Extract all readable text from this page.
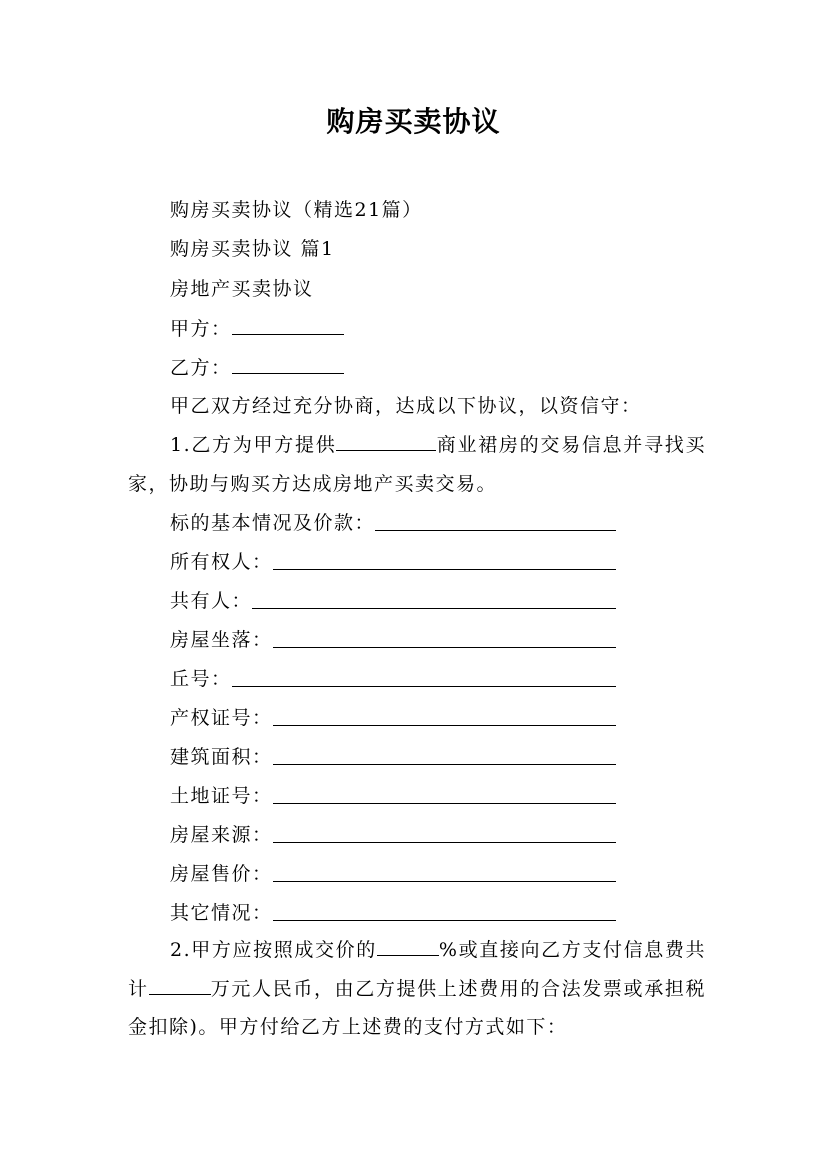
购房买卖协议
购房买卖协议（精选21篇）
购房买卖协议 篇1
房地产买卖协议
甲方：
乙方：
甲乙双方经过充分协商，达成以下协议，以资信守：
1.乙方为甲方提供	商业裙房的交易信息并寻找买家，协助与购买方达成房地产买卖交易。
标的基本情况及价款：
所有权人：
共有人：
房屋坐落：
丘号：
产权证号：
建筑面积：
土地证号：
房屋来源：
房屋售价：
其它情况：
2.甲方应按照成交价的	%或直接向乙方支付信息费共计	万元人民币，由乙方提供上述费用的合法发票或承担税金扣除)。甲方付给乙方上述费的支付方式如下：
